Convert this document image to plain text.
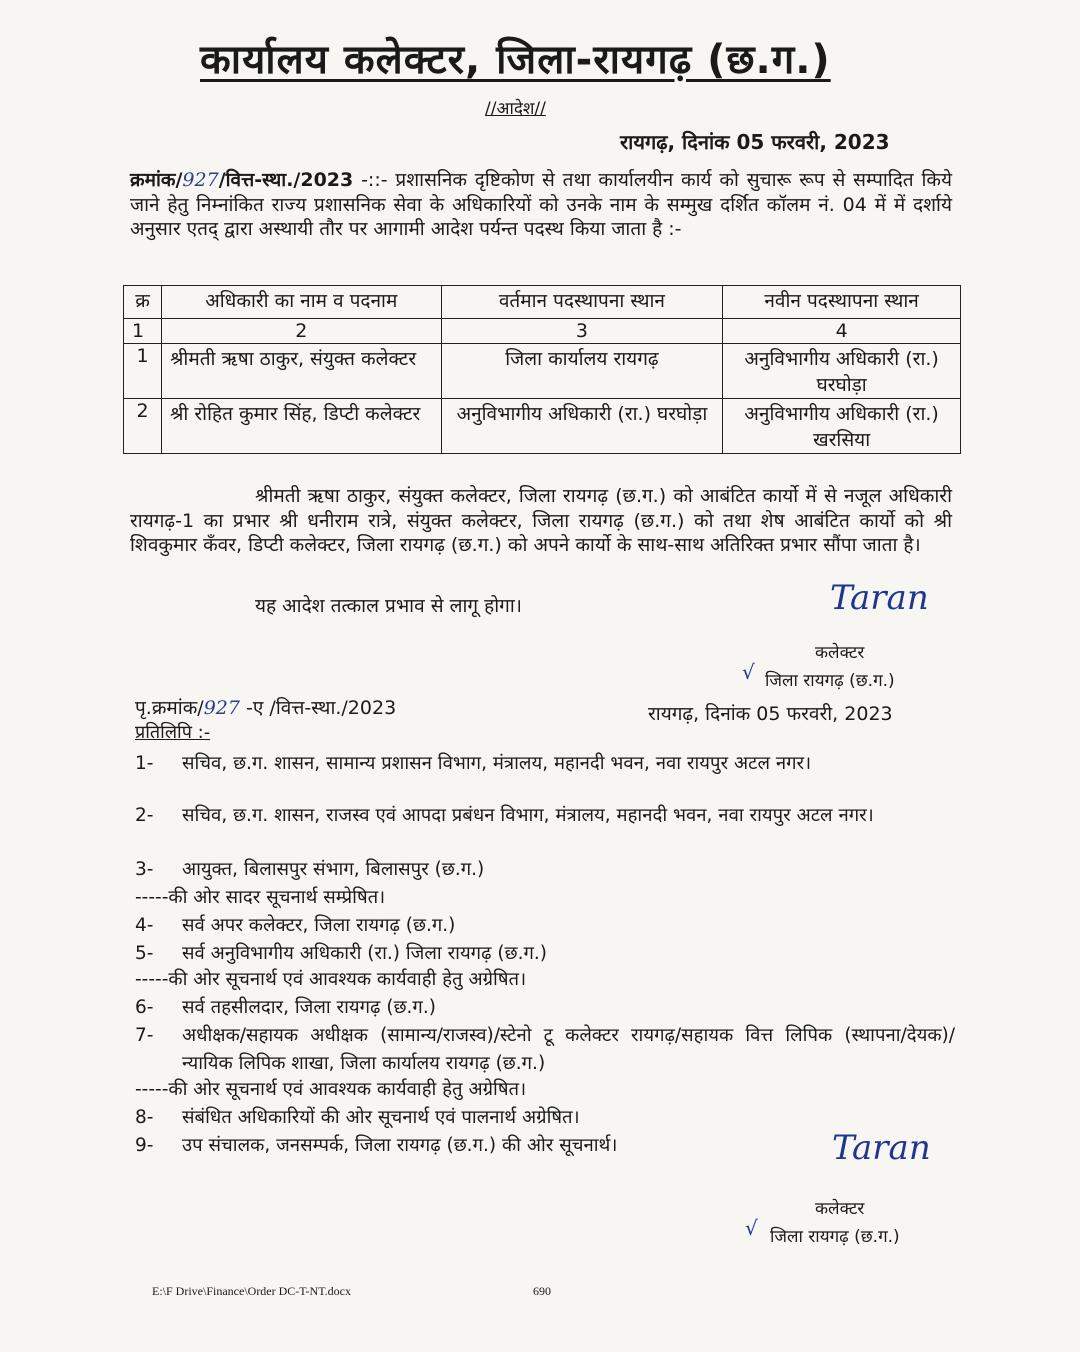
कार्यालय कलेक्टर, जिला-रायगढ़ (छ.ग.)
//आदेश//
रायगढ़, दिनांक 05 फरवरी, 2023
क्रमांक/927/वित्त-स्था./2023 -::- प्रशासनिक दृष्टिकोण से तथा कार्यालयीन कार्य को सुचारू रूप से सम्पादित किये जाने हेतु निम्नांकित राज्य प्रशासनिक सेवा के अधिकारियों को उनके नाम के सम्मुख दर्शित कॉलम नं. 04 में में दर्शाये अनुसार एतद् द्वारा अस्थायी तौर पर आगामी आदेश पर्यन्त पदस्थ किया जाता है :-
क्र	अधिकारी का नाम व पदनाम	वर्तमान पदस्थापना स्थान	नवीन पदस्थापना स्थान
1	2	3	4
1	श्रीमती ऋषा ठाकुर, संयुक्त कलेक्टर	जिला कार्यालय रायगढ़	अनुविभागीय अधिकारी (रा.) घरघोड़ा
2	श्री रोहित कुमार सिंह, डिप्टी कलेक्टर	अनुविभागीय अधिकारी (रा.) घरघोड़ा	अनुविभागीय अधिकारी (रा.) खरसिया
श्रीमती ऋषा ठाकुर, संयुक्त कलेक्टर, जिला रायगढ़ (छ.ग.) को आबंटित कार्यो में से नजूल अधिकारी रायगढ़-1 का प्रभार श्री धनीराम रात्रे, संयुक्त कलेक्टर, जिला रायगढ़ (छ.ग.) को तथा शेष आबंटित कार्यो को श्री शिवकुमार कँवर, डिप्टी कलेक्टर, जिला रायगढ़ (छ.ग.) को अपने कार्यो के साथ-साथ अतिरिक्त प्रभार सौंपा जाता है।
यह आदेश तत्काल प्रभाव से लागू होगा।	Taran
कलेक्टर
√ जिला रायगढ़ (छ.ग.)
पृ.क्रमांक/927 -ए /वित्त-स्था./2023	रायगढ़, दिनांक 05 फरवरी, 2023
प्रतिलिपि :-
1-	सचिव, छ.ग. शासन, सामान्य प्रशासन विभाग, मंत्रालय, महानदी भवन, नवा रायपुर अटल नगर।
2-	सचिव, छ.ग. शासन, राजस्व एवं आपदा प्रबंधन विभाग, मंत्रालय, महानदी भवन, नवा रायपुर अटल नगर।
3-	आयुक्त, बिलासपुर संभाग, बिलासपुर (छ.ग.)
-----की ओर सादर सूचनार्थ सम्प्रेषित।
4-	सर्व अपर कलेक्टर, जिला रायगढ़ (छ.ग.)
5-	सर्व अनुविभागीय अधिकारी (रा.) जिला रायगढ़ (छ.ग.)
-----की ओर सूचनार्थ एवं आवश्यक कार्यवाही हेतु अग्रेषित।
6-	सर्व तहसीलदार, जिला रायगढ़ (छ.ग.)
7-	अधीक्षक/सहायक अधीक्षक (सामान्य/राजस्व)/स्टेनो टू कलेक्टर रायगढ़/सहायक वित्त लिपिक (स्थापना/देयक)/न्यायिक लिपिक शाखा, जिला कार्यालय रायगढ़ (छ.ग.)
-----की ओर सूचनार्थ एवं आवश्यक कार्यवाही हेतु अग्रेषित।
8-	संबंधित अधिकारियों की ओर सूचनार्थ एवं पालनार्थ अग्रेषित।
9-	उप संचालक, जनसम्पर्क, जिला रायगढ़ (छ.ग.) की ओर सूचनार्थ।	Taran
कलेक्टर
√ जिला रायगढ़ (छ.ग.)
E:\F Drive\Finance\Order DC-T-NT.docx	690
